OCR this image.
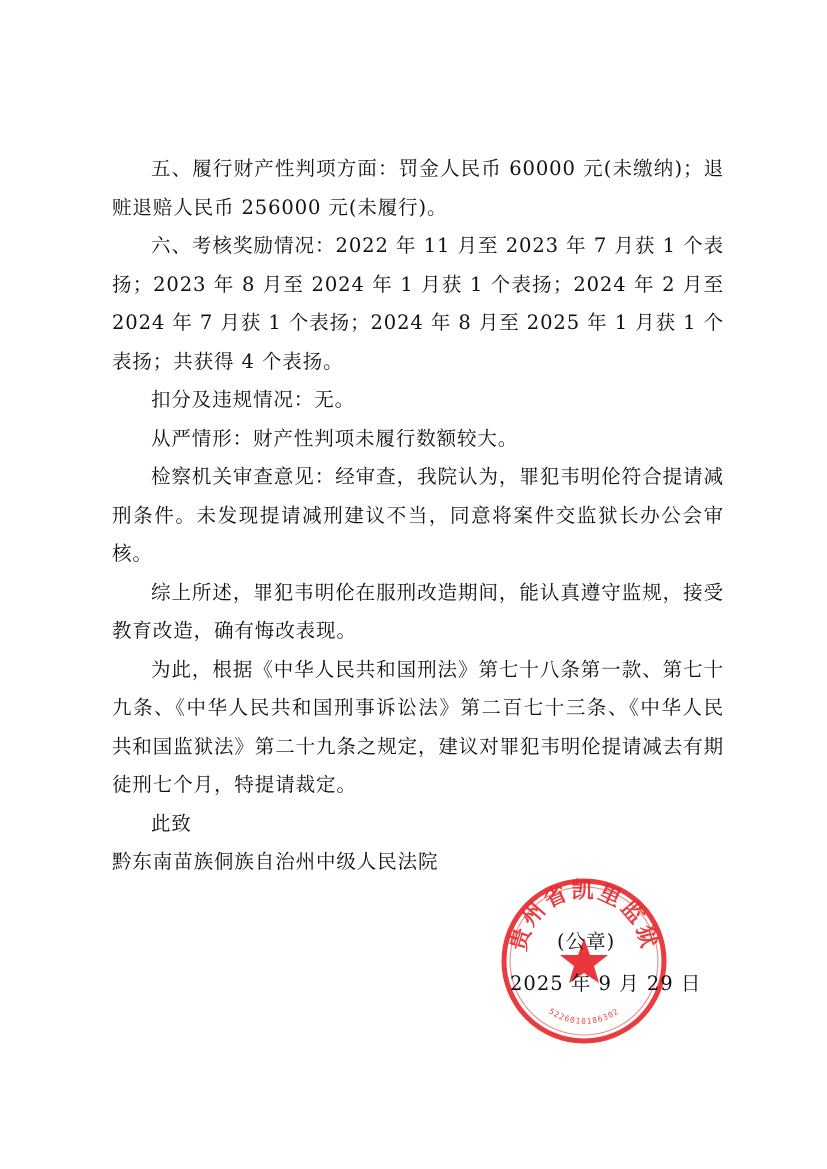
五、履行财产性判项方面：罚金人民币 60000 元(未缴纳)；退赃退赔人民币 256000 元(未履行)。

六、考核奖励情况：2022 年 11 月至 2023 年 7 月获 1 个表扬；2023 年 8 月至 2024 年 1 月获 1 个表扬；2024 年 2 月至 2024 年 7 月获 1 个表扬；2024 年 8 月至 2025 年 1 月获 1 个表扬；共获得 4 个表扬。

扣分及违规情况：无。

从严情形：财产性判项未履行数额较大。

检察机关审查意见：经审查，我院认为，罪犯韦明伦符合提请减刑条件。未发现提请减刑建议不当，同意将案件交监狱长办公会审核。

综上所述，罪犯韦明伦在服刑改造期间，能认真遵守监规，接受教育改造，确有悔改表现。

为此，根据《中华人民共和国刑法》第七十八条第一款、第七十九条、《中华人民共和国刑事诉讼法》第二百七十三条、《中华人民共和国监狱法》第二十九条之规定，建议对罪犯韦明伦提请减去有期徒刑七个月，特提请裁定。

此致

黔东南苗族侗族自治州中级人民法院

贵州省凯里监狱
5226010186302
(公章)
2025 年 9 月 29 日
